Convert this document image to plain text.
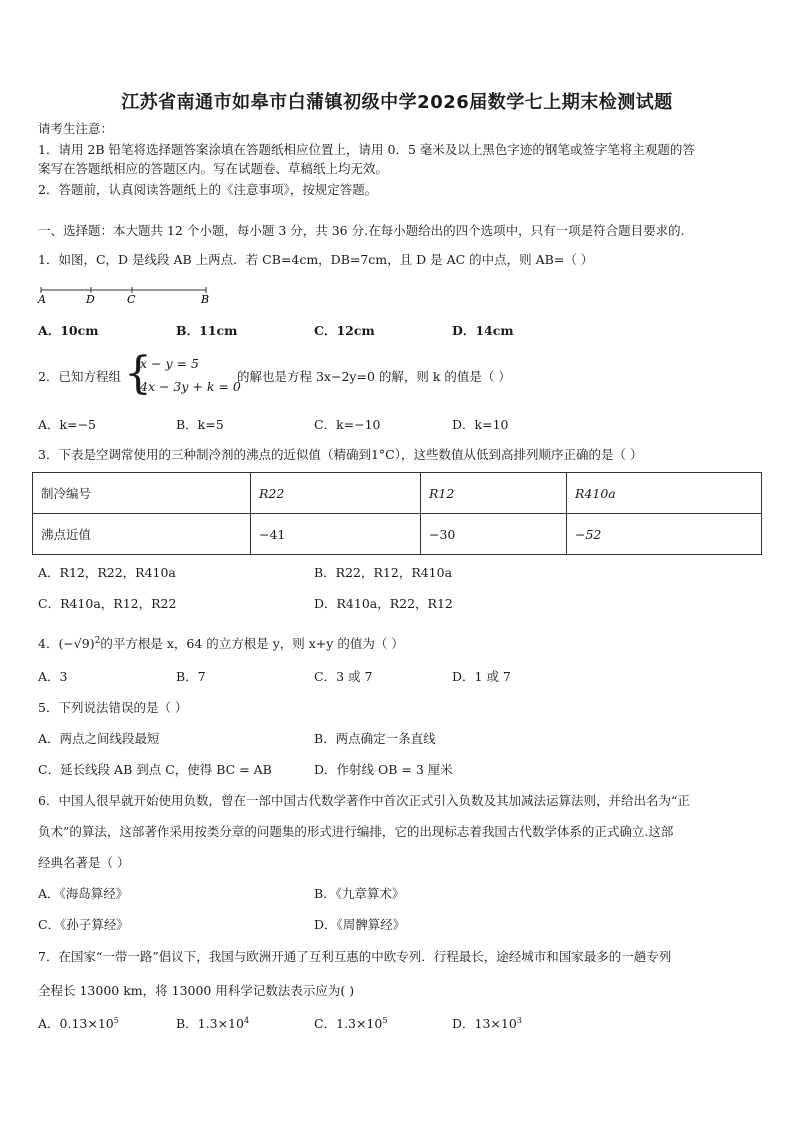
江苏省南通市如皋市白蒲镇初级中学2026届数学七上期末检测试题
请考生注意：
1．请用 2B 铅笔将选择题答案涂填在答题纸相应位置上，请用 0．5 毫米及以上黑色字迹的钢笔或签字笔将主观题的答
案写在答题纸相应的答题区内。写在试题卷、草稿纸上均无效。
2．答题前，认真阅读答题纸上的《注意事项》，按规定答题。
一、选择题：本大题共 12 个小题，每小题 3 分，共 36 分.在每小题给出的四个选项中，只有一项是符合题目要求的.
1．如图，C，D 是线段 AB 上两点．若 CB=4cm，DB=7cm，且 D 是 AC 的中点，则 AB=（ ）
A	D	C	B
A．10cm	B．11cm	C．12cm	D．14cm
2．已知方程组 {
x − y = 5
4x − 3y + k = 0
的解也是方程 3x−2y=0 的解，则 k 的值是（ ）
A．k=−5	B．k=5	C．k=−10	D．k=10
3．下表是空调常使用的三种制冷剂的沸点的近似值（精确到1°C），这些数值从低到高排列顺序正确的是（ ）
制冷编号	R22	R12	R410a
沸点近值	−41	−30	−52
A．R12，R22，R410a	B．R22，R12，R410a
C．R410a，R12，R22	D．R410a，R22，R12
4．$(-√9)^2$的平方根是 x，64 的立方根是 y，则 x+y 的值为（ ）
A．3	B．7	C．3 或 7	D．1 或 7
5．下列说法错误的是（ ）
A．两点之间线段最短	B．两点确定一条直线
C．延长线段 AB 到点 C，使得 BC = AB	D．作射线 OB = 3 厘米
6．中国人很早就开始使用负数，曾在一部中国古代数学著作中首次正式引入负数及其加减法运算法则，并给出名为“正
负术”的算法，这部著作采用按类分章的问题集的形式进行编排，它的出现标志着我国古代数学体系的正式确立.这部
经典名著是（ ）
A．《海岛算经》	B．《九章算术》
C．《孙子算经》	D．《周髀算经》
7．在国家“一带一路”倡议下，我国与欧洲开通了互利互惠的中欧专列．行程最长，途经城市和国家最多的一趟专列
全程长 13000 km，将 13000 用科学记数法表示应为( )
A．$0.13\times 10^5$	B．$1.3\times 10^4$	C．$1.3\times 10^5$	D．$13\times 10^3$
